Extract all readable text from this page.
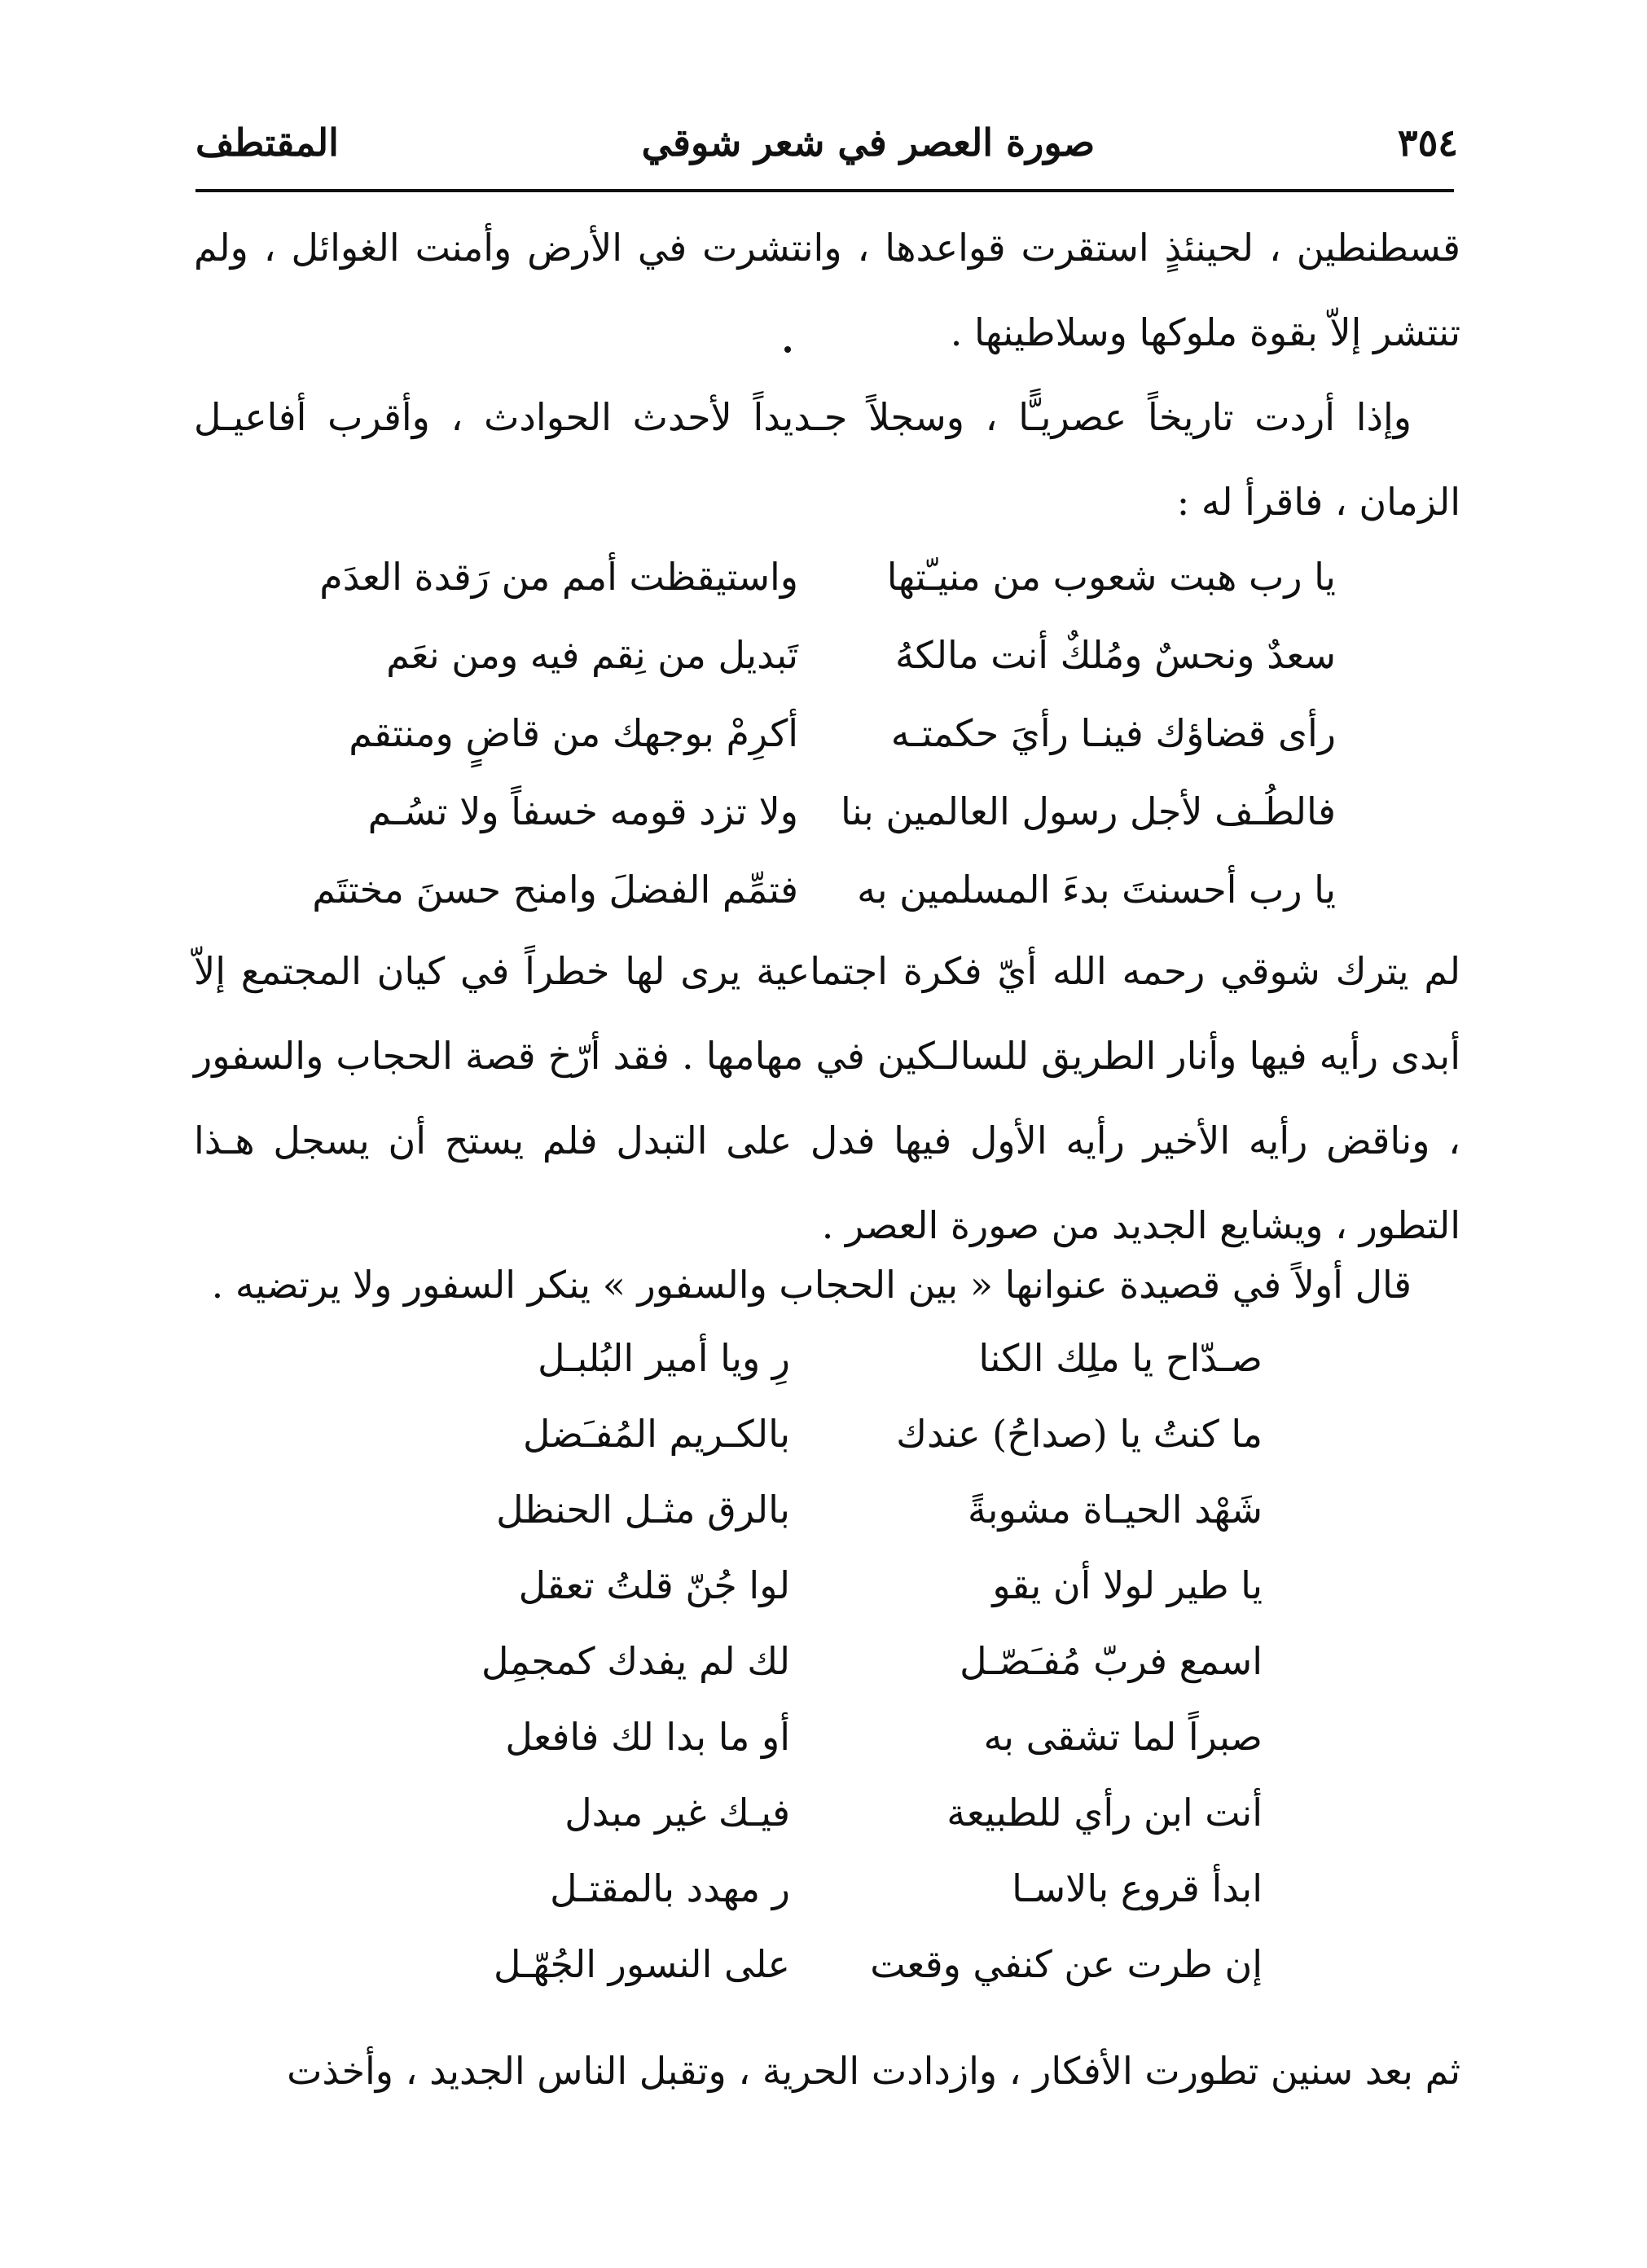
٣٥٤
صورة العصر في شعر شوقي
المقتطف

قسطنطين ، لحينئذٍ استقرت قواعدها ، وانتشرت في الأرض وأمنت الغوائل ، ولم تنتشر إلاّ بقوة ملوكها وسلاطينها .

وإذا أردت تاريخاً عصريـًّا ، وسجلاً جـديداً لأحدث الحوادث ، وأقرب أفاعيـل الزمان ، فاقرأ له :

يا رب هبت شعوب من منيـّتها
واستيقظت أمم من رَقدة العدَم
سعدٌ ونحسٌ ومُلكٌ أنت مالكهُ
تَبديل من نِقم فيه ومن نعَم
رأى قضاؤك فينـا رأيَ حكمتـه
أكرِمْ بوجهك من قاضٍ ومنتقم
فالطُـف لأجل رسول العالمين بنا
ولا تزد قومه خسفاً ولا تسُـم
يا رب أحسنتَ بدءَ المسلمين به
فتمِّم الفضلَ وامنح حسنَ مختتَم

لم يترك شوقي رحمه الله أيّ فكرة اجتماعية يرى لها خطراً في كيان المجتمع إلاّ أبدى رأيه فيها وأنار الطريق للسالـكين في مهامها . فقد أرّخ قصة الحجاب والسفور ، وناقض رأيه الأخير رأيه الأول فيها فدل على التبدل فلم يستح أن يسجل هـذا التطور ، ويشايع الجديد من صورة العصر .

قال أولاً في قصيدة عنوانها « بين الحجاب والسفور » ينكر السفور ولا يرتضيه .

صـدّاح يا ملِك الكنا
رِ ويا أمير البُلبـل
ما كنتُ يا (صداحُ) عندك
بالكـريم المُفـَضل
شَهْد الحيـاة مشوبةً
بالرق مثـل الحنظل
يا طير لولا أن يقو
لوا جُنّ قلتُ تعقل
اسمع فربّ مُفـَصّـل
لك لم يفدك كمجمِل
صبراً لما تشقى به
أو ما بدا لك فافعل
أنت ابن رأي للطبيعة
فيـك غير مبدل
ابدأ قروع بالاسـا
ر مهدد بالمقتـل
إن طرت عن كنفي وقعت
على النسور الجُهّـل

ثم بعد سنين تطورت الأفكار ، وازدادت الحرية ، وتقبل الناس الجديد ، وأخذت
